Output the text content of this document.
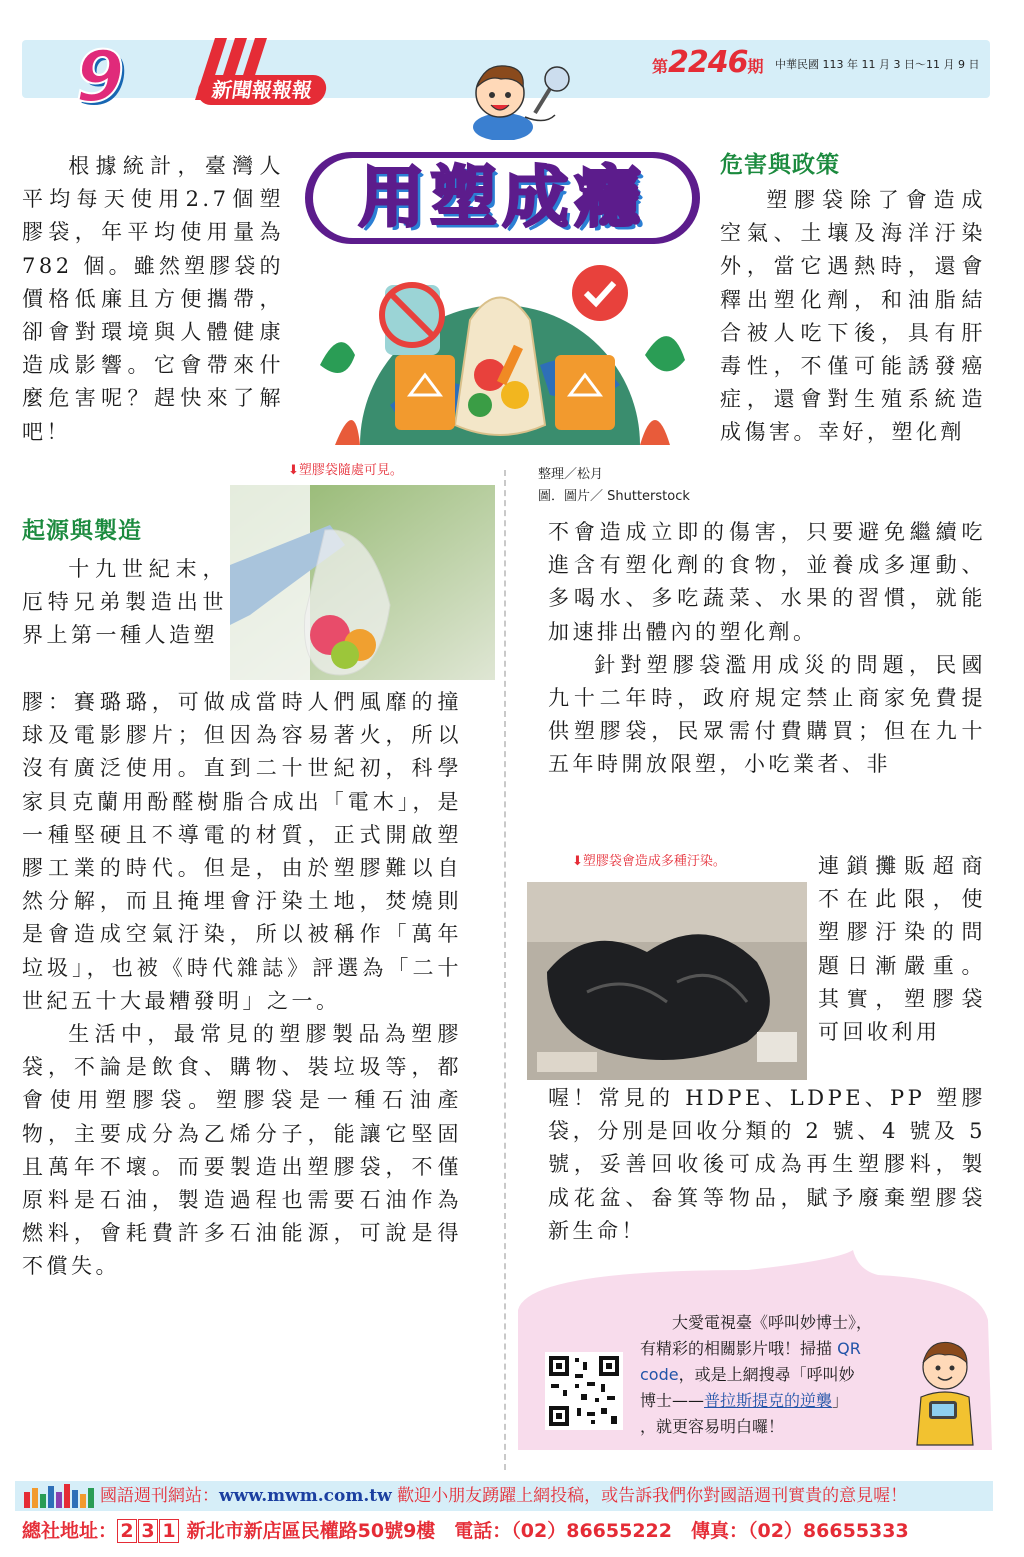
9	新聞報報報
第2246期 中華民國 113 年 11 月 3 日～11 月 9 日
用塑成癮
根據統計，臺灣人平均每天使用2.7個塑膠袋，年平均使用量為 782 個。雖然塑膠袋的價格低廉且方便攜帶，卻會對環境與人體健康造成影響。它會帶來什麼危害呢？趕快來了解吧！
起源與製造
十九世紀末，厄特兄弟製造出世界上第一種人造塑

膠：賽璐璐，可做成當時人們風靡的撞球及電影膠片；但因為容易著火，所以沒有廣泛使用。直到二十世紀初，科學家貝克蘭用酚醛樹脂合成出「電木」，是一種堅硬且不導電的材質，正式開啟塑膠工業的時代。但是，由於塑膠難以自然分解，而且掩埋會汙染土地，焚燒則是會造成空氣汙染，所以被稱作「萬年垃圾」，也被《時代雜誌》評選為「二十世紀五十大最糟發明」之一。

生活中，最常見的塑膠製品為塑膠袋，不論是飲食、購物、裝垃圾等，都會使用塑膠袋。塑膠袋是一種石油產物，主要成分為乙烯分子，能讓它堅固且萬年不壞。而要製造出塑膠袋，不僅原料是石油，製造過程也需要石油作為燃料，會耗費許多石油能源，可說是得不償失。

⬇塑膠袋隨處可見。	整理／松月
圖．圖片／ Shutterstock
危害與政策
塑膠袋除了會造成空氣、土壤及海洋汙染外，當它遇熱時，還會釋出塑化劑，和油脂結合被人吃下後，具有肝毒性，不僅可能誘發癌症，還會對生殖系統造成傷害。幸好，塑化劑

不會造成立即的傷害，只要避免繼續吃進含有塑化劑的食物，並養成多運動、多喝水、多吃蔬菜、水果的習慣，就能加速排出體內的塑化劑。

針對塑膠袋濫用成災的問題，民國九十二年時，政府規定禁止商家免費提供塑膠袋，民眾需付費購買；但在九十五年時開放限塑，小吃業者、非

⬇塑膠袋會造成多種汙染。	連鎖攤販超商不在此限，使塑膠汙染的問題日漸嚴重。其實，塑膠袋可回收利用
喔！常見的 HDPE、LDPE、PP 塑膠袋，分別是回收分類的 2 號、4 號及 5 號，妥善回收後可成為再生塑膠料，製成花盆、畚箕等物品，賦予廢棄塑膠袋新生命！
大愛電視臺《呼叫妙博士》，
有精彩的相關影片哦！掃描 QR
code，或是上網搜尋「呼叫妙
博士——普拉斯提克的逆襲」
，就更容易明白囉！
國語週刊網站：www.mwm.com.tw 歡迎小朋友踴躍上網投稿，或告訴我們你對國語週刊實貴的意見喔！
總社地址： 2 3 1 新北市新店區民權路50號9樓　電話：（02）86655222　傳真：（02）86655333
